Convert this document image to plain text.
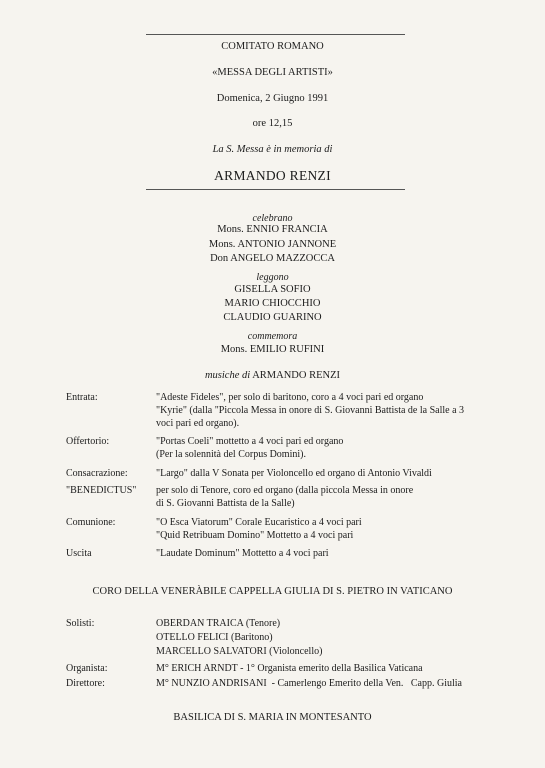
COMITATO ROMANO
«MESSA DEGLI ARTISTI»
Domenica, 2 Giugno 1991
ore 12,15
La S. Messa è in memoria di
ARMANDO RENZI
celebrano
Mons. ENNIO FRANCIA
Mons. ANTONIO JANNONE
Don ANGELO MAZZOCCA
leggono
GISELLA SOFIO
MARIO CHIOCCHIO
CLAUDIO GUARINO
commemora
Mons. EMILIO RUFINI
musiche di ARMANDO RENZI
Entrata:	"Adeste Fideles", per solo di baritono, coro a 4 voci pari ed organo
"Kyrie" (dalla "Piccola Messa in onore di S. Giovanni Battista de la Salle a 3
voci pari ed organo).
Offertorio:	"Portas Coeli" mottetto a 4 voci pari ed organo
(Per la solennità del Corpus Domini).
Consacrazione:	"Largo" dalla V Sonata per Violoncello ed organo di Antonio Vivaldi
"BENEDICTUS" per solo di Tenore, coro ed organo (dalla piccola Messa in onore
di S. Giovanni Battista de la Salle)
Comunione:	"O Esca Viatorum" Corale Eucaristico a 4 voci pari
"Quid Retribuam Domino" Mottetto a 4 voci pari
Uscita	"Laudate Dominum" Mottetto a 4 voci pari
CORO DELLA VENERÀBILE CAPPELLA GIULIA DI S. PIETRO IN VATICANO
Solisti:	OBERDAN TRAICA (Tenore)
OTELLO FELICI (Baritono)
MARCELLO SALVATORI (Violoncello)
Organista:	M° ERICH ARNDT - 1° Organista emerito della Basilica Vaticana
Direttore:	M° NUNZIO ANDRISANI  - Camerlengo Emerito della Ven.   Capp. Giulia
BASILICA DI S. MARIA IN MONTESANTO
